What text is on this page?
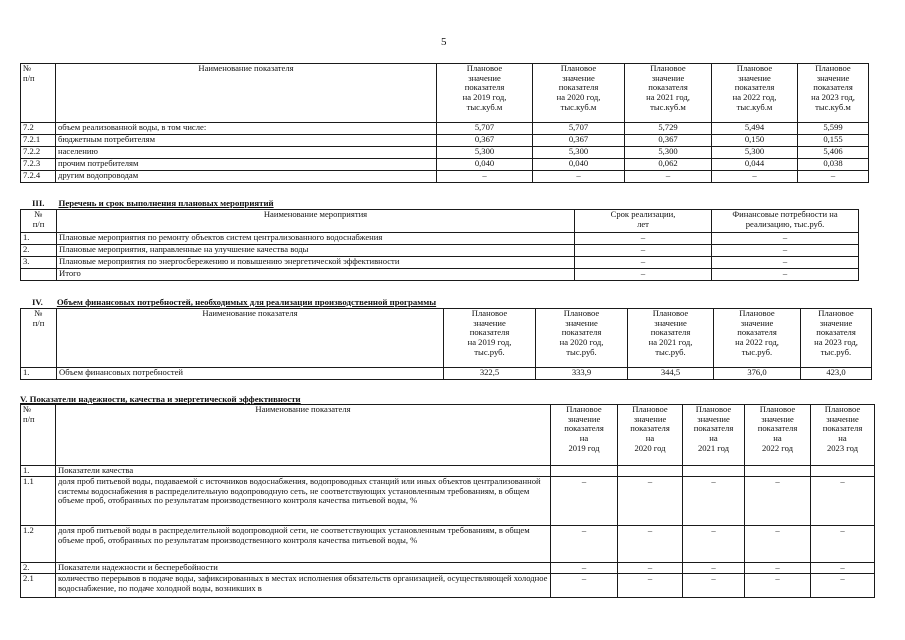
5
№
п/п	Наименование показателя	Плановое
значение
показателя
на 2019 год,
тыс.куб.м	Плановое
значение
показателя
на 2020 год,
тыс.куб.м	Плановое
значение
показателя
на 2021 год,
тыс.куб.м	Плановое
значение
показателя
на 2022 год,
тыс.куб.м	Плановое
значение
показателя
на 2023 год,
тыс.куб.м
7.2	объем реализованной воды, в том числе:	5,707	5,707	5,729	5,494	5,599
7.2.1	бюджетным потребителям	0,367	0,367	0,367	0,150	0,155
7.2.2	населению	5,300	5,300	5,300	5,300	5,406
7.2.3	прочим потребителям	0,040	0,040	0,062	0,044	0,038
7.2.4	другим водопроводам	–	–	–	–	–
III. Перечень и срок выполнения плановых мероприятий
№
п/п	Наименование мероприятия	Срок реализации,
лет	Финансовые потребности на
реализацию, тыс.руб.
1.	Плановые мероприятия по ремонту объектов систем централизованного водоснабжения	–	–
2.	Плановые мероприятия, направленные на улучшение качества воды	–	–
3.	Плановые мероприятия по энергосбережению и повышению энергетической эффективности	–	–
	Итого	–	–
IV. Объем финансовых потребностей, необходимых для реализации производственной программы
№
п/п	Наименование показателя	Плановое
значение
показателя
на 2019 год,
тыс.руб.	Плановое
значение
показателя
на 2020 год,
тыс.руб.	Плановое
значение
показателя
на 2021 год,
тыс.руб.	Плановое
значение
показателя
на 2022 год,
тыс.руб.	Плановое
значение
показателя
на 2023 год,
тыс.руб.
1.	Объем финансовых потребностей	322,5	333,9	344,5	376,0	423,0
V. Показатели надежности, качества и энергетической эффективности
№
п/п	Наименование показателя	Плановое
значение
показателя
на
2019 год	Плановое
значение
показателя
на
2020 год	Плановое
значение
показателя
на
2021 год	Плановое
значение
показателя
на
2022 год	Плановое
значение
показателя
на
2023 год
1.	Показатели качества					
1.1	доля проб питьевой воды, подаваемой с источников водоснабжения, водопроводных станций или иных объектов централизованной системы водоснабжения в распределительную водопроводную сеть, не соответствующих установленным требованиям, в общем объеме проб, отобранных по результатам производственного контроля качества питьевой воды, %	–	–	–	–	–
1.2	доля проб питьевой воды в распределительной водопроводной сети, не соответствующих установленным требованиям, в общем объеме проб, отобранных по результатам производственного контроля качества питьевой воды, %	–	–	–	–	–
2.	Показатели надежности и бесперебойности	–	–	–	–	–
2.1	количество перерывов в подаче воды, зафиксированных в местах исполнения обязательств организацией, осуществляющей холодное водоснабжение, по подаче холодной воды, возникших в	–	–	–	–	–
